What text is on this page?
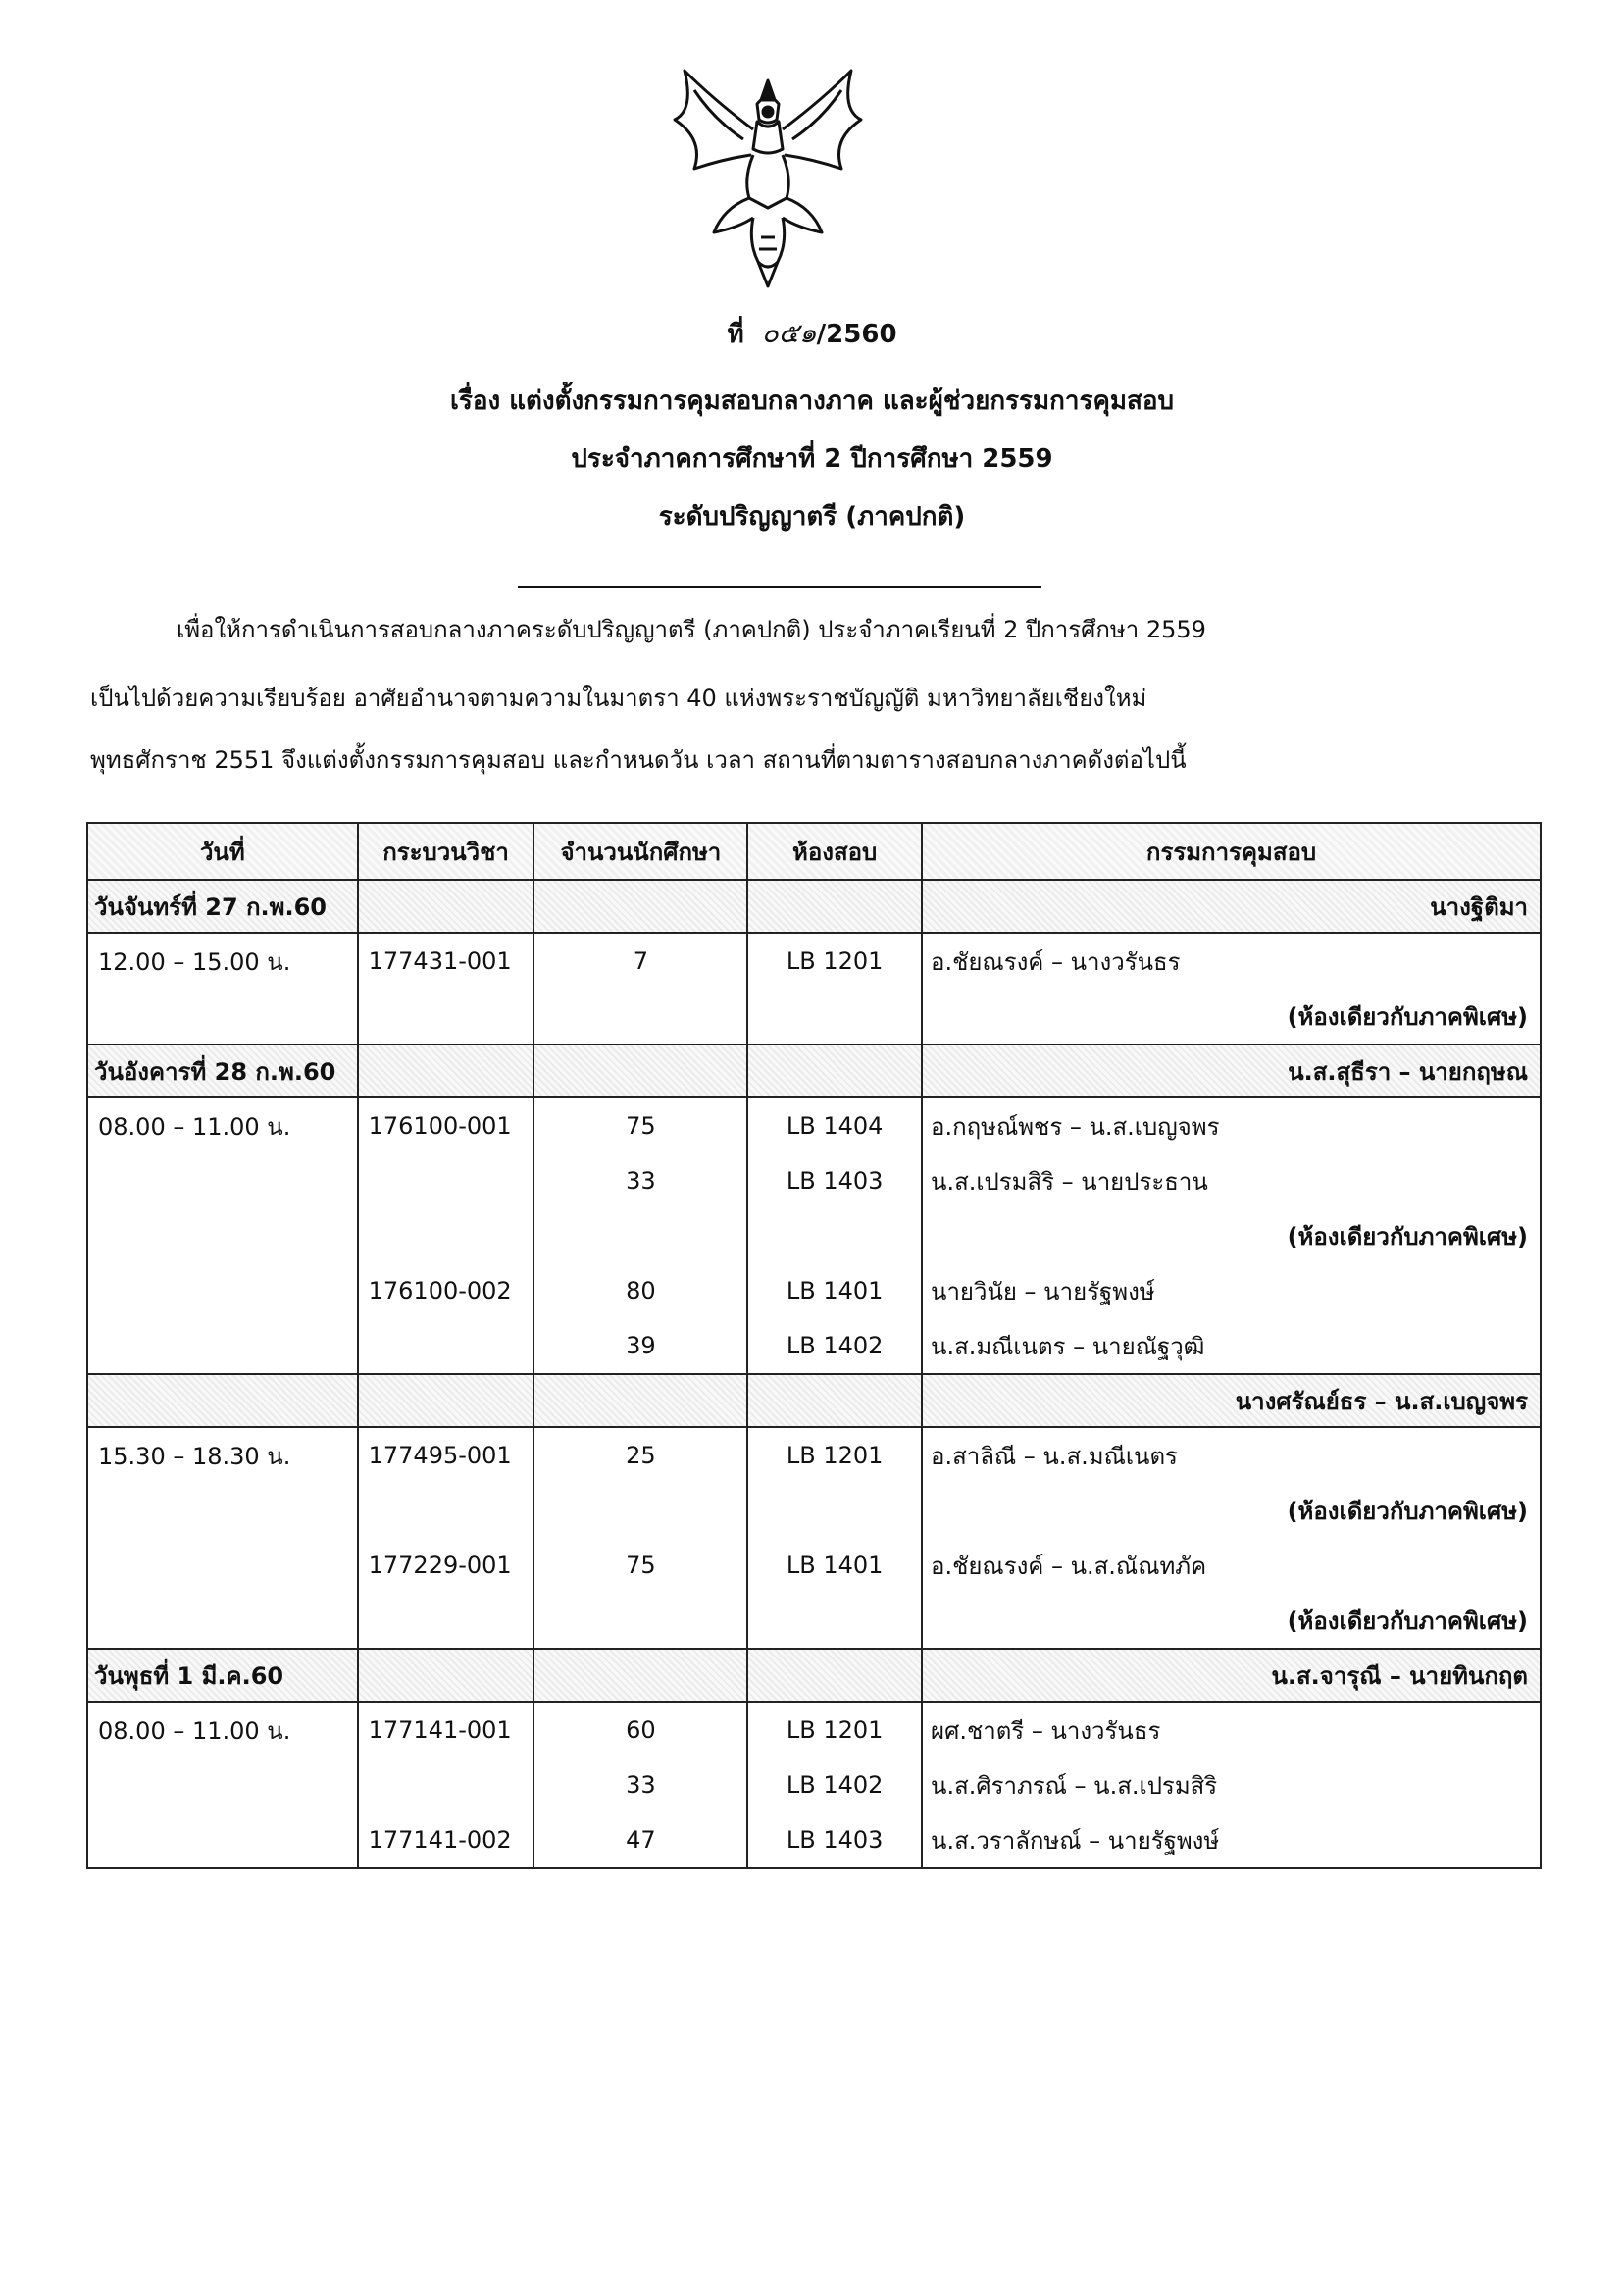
ที่ ๐๕๑/2560
เรื่อง แต่งตั้งกรรมการคุมสอบกลางภาค และผู้ช่วยกรรมการคุมสอบ
ประจำภาคการศึกษาที่ 2 ปีการศึกษา 2559
ระดับปริญญาตรี (ภาคปกติ)
เพื่อให้การดำเนินการสอบกลางภาคระดับปริญญาตรี (ภาคปกติ) ประจำภาคเรียนที่ 2 ปีการศึกษา 2559
เป็นไปด้วยความเรียบร้อย อาศัยอำนาจตามความในมาตรา 40 แห่งพระราชบัญญัติ มหาวิทยาลัยเชียงใหม่
พุทธศักราช 2551 จึงแต่งตั้งกรรมการคุมสอบ และกำหนดวัน เวลา สถานที่ตามตารางสอบกลางภาคดังต่อไปนี้
วันที่	กระบวนวิชา	จำนวนนักศึกษา	ห้องสอบ	กรรมการคุมสอบ
วันจันทร์ที่ 27 ก.พ.60				นางฐิติมา
12.00 – 15.00 น.	177431-001	7	LB 1201	อ.ชัยณรงค์ – นางวรันธร
				(ห้องเดียวกับภาคพิเศษ)
วันอังคารที่ 28 ก.พ.60				น.ส.สุธีรา – นายกฤษณ
08.00 – 11.00 น.	176100-001	75	LB 1404	อ.กฤษณ์พชร – น.ส.เบญจพร
		33	LB 1403	น.ส.เปรมสิริ – นายประธาน
				(ห้องเดียวกับภาคพิเศษ)
	176100-002	80	LB 1401	นายวินัย – นายรัฐพงษ์
		39	LB 1402	น.ส.มณีเนตร – นายณัฐวุฒิ
				นางศรัณย์ธร – น.ส.เบญจพร
15.30 – 18.30 น.	177495-001	25	LB 1201	อ.สาลิณี – น.ส.มณีเนตร
				(ห้องเดียวกับภาคพิเศษ)
	177229-001	75	LB 1401	อ.ชัยณรงค์ – น.ส.ณัณทภัค
				(ห้องเดียวกับภาคพิเศษ)
วันพุธที่ 1 มี.ค.60				น.ส.จารุณี – นายทินกฤต
08.00 – 11.00 น.	177141-001	60	LB 1201	ผศ.ชาตรี – นางวรันธร
		33	LB 1402	น.ส.ศิราภรณ์ – น.ส.เปรมสิริ
	177141-002	47	LB 1403	น.ส.วราลักษณ์ – นายรัฐพงษ์
